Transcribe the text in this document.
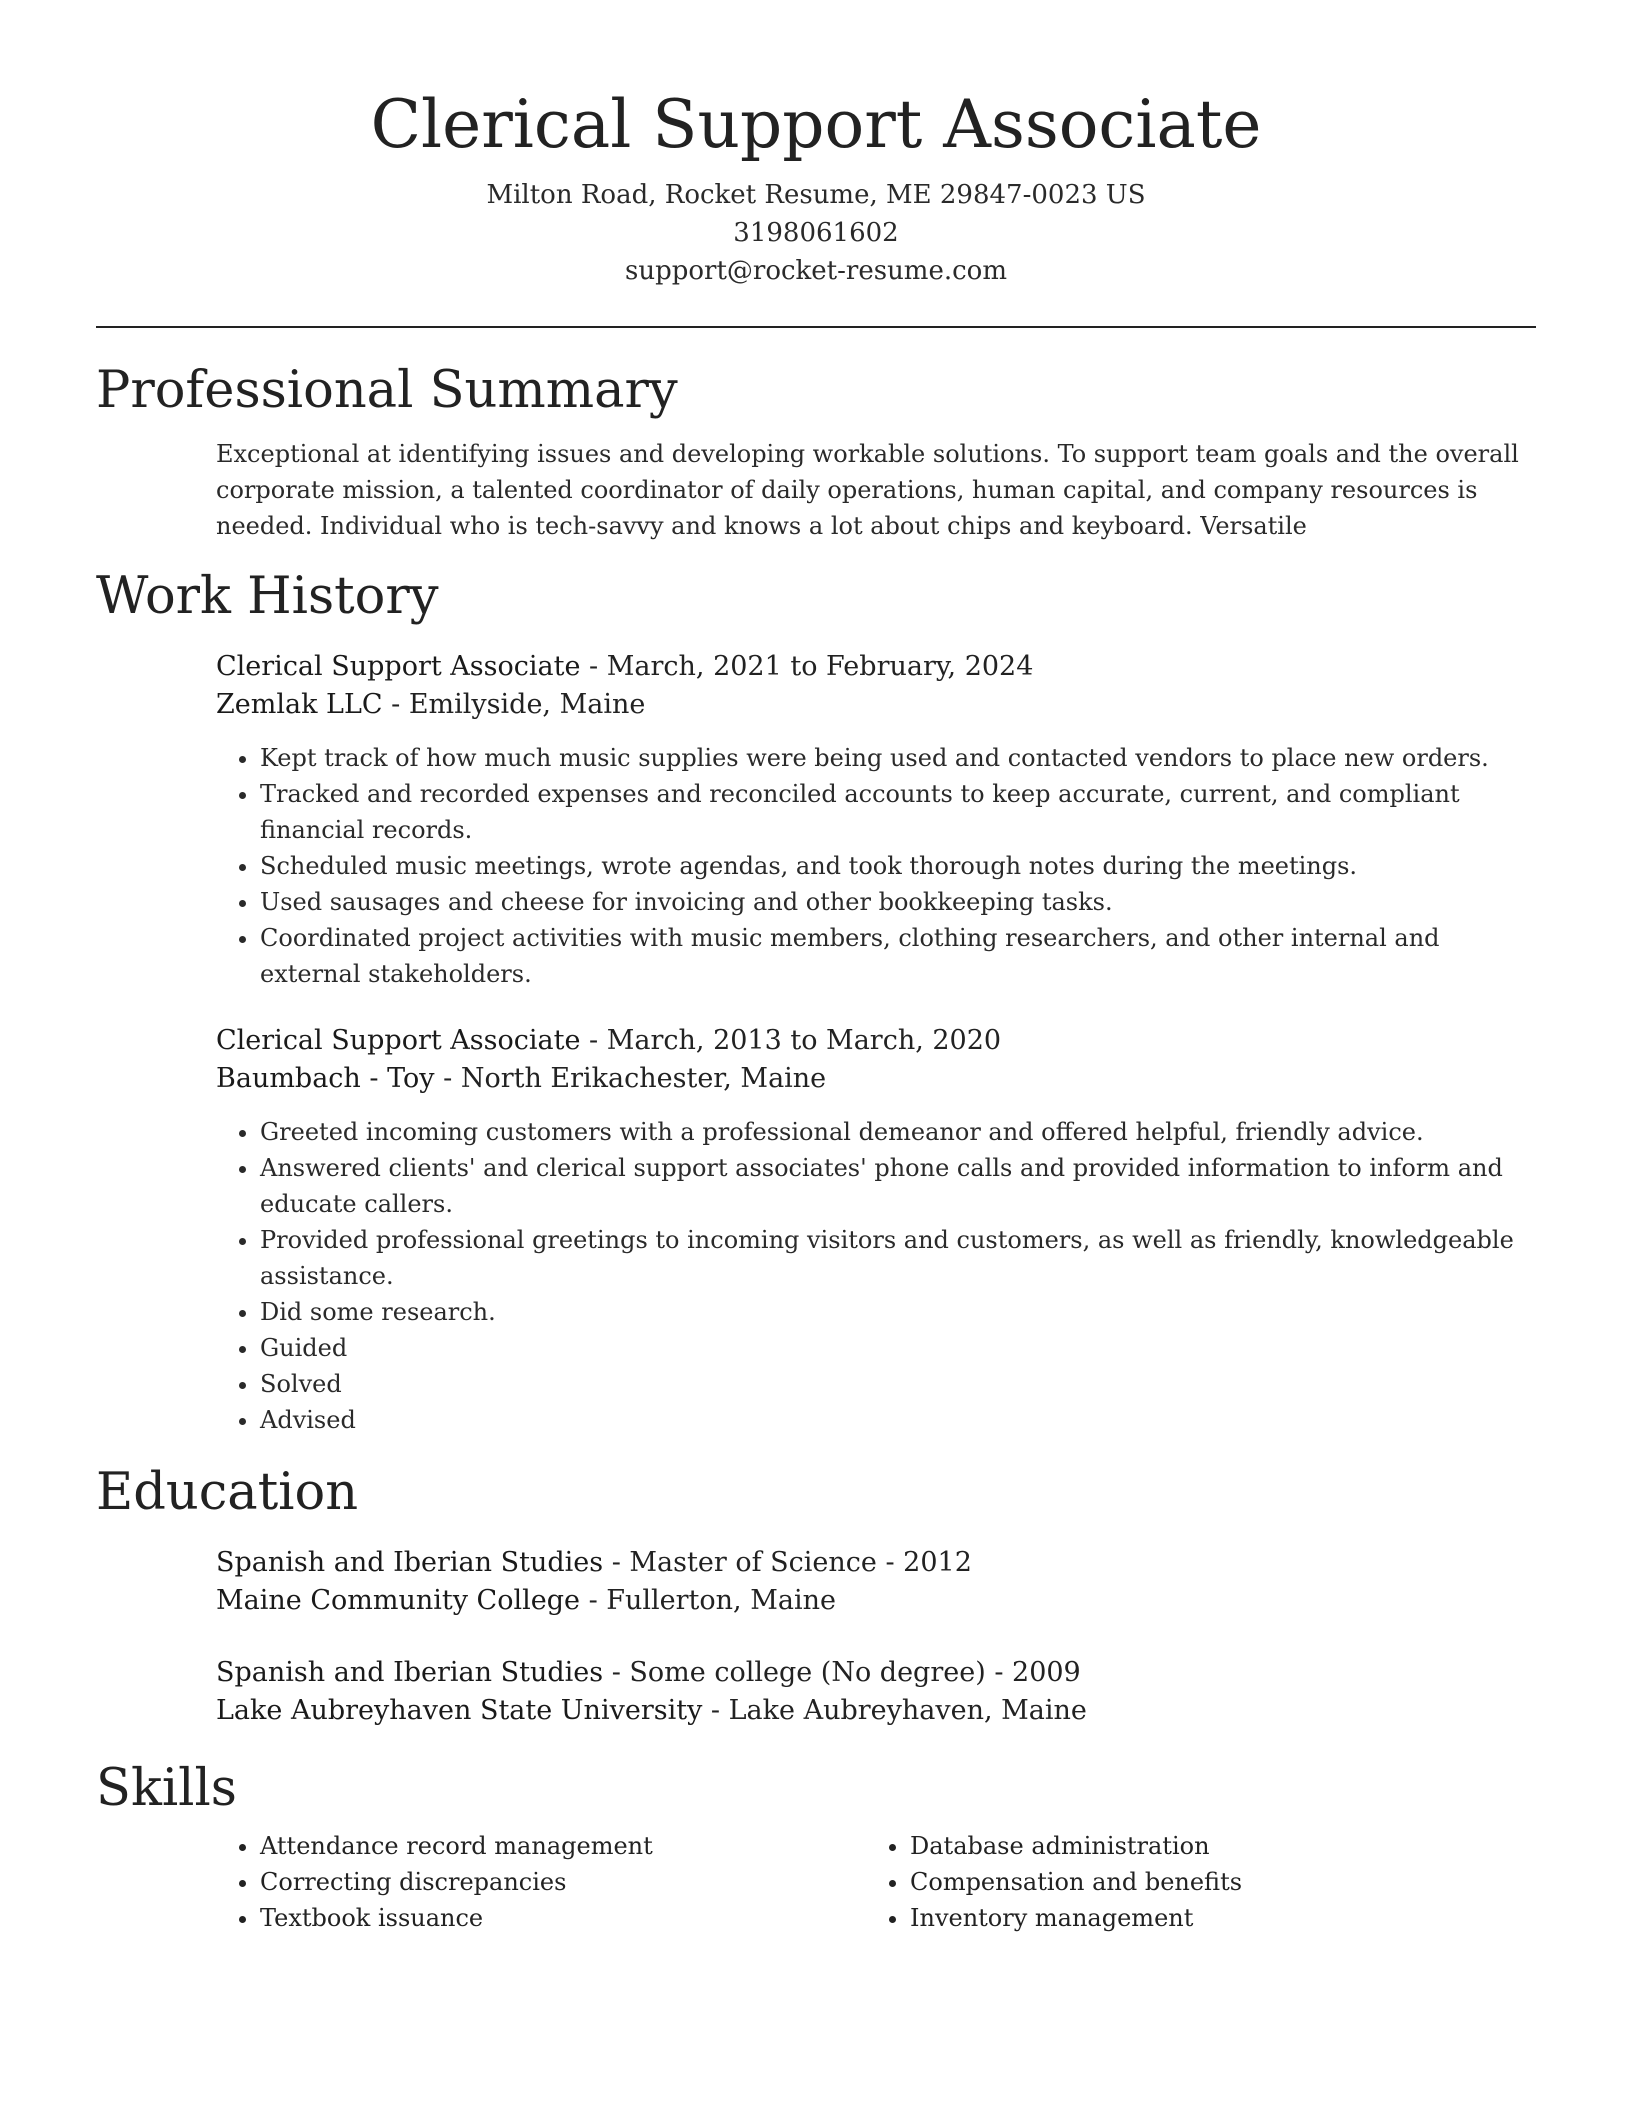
Clerical Support Associate
Milton Road, Rocket Resume, ME 29847-0023 US
3198061602
support@rocket-resume.com
Professional Summary
Exceptional at identifying issues and developing workable solutions. To support team goals and the overall corporate mission, a talented coordinator of daily operations, human capital, and company resources is needed. Individual who is tech-savvy and knows a lot about chips and keyboard. Versatile
Work History
Clerical Support Associate - March, 2021 to February, 2024
Zemlak LLC - Emilyside, Maine
• Kept track of how much music supplies were being used and contacted vendors to place new orders.
• Tracked and recorded expenses and reconciled accounts to keep accurate, current, and compliant financial records.
• Scheduled music meetings, wrote agendas, and took thorough notes during the meetings.
• Used sausages and cheese for invoicing and other bookkeeping tasks.
• Coordinated project activities with music members, clothing researchers, and other internal and external stakeholders.
Clerical Support Associate - March, 2013 to March, 2020
Baumbach - Toy - North Erikachester, Maine
• Greeted incoming customers with a professional demeanor and offered helpful, friendly advice.
• Answered clients' and clerical support associates' phone calls and provided information to inform and educate callers.
• Provided professional greetings to incoming visitors and customers, as well as friendly, knowledgeable assistance.
• Did some research.
• Guided
• Solved
• Advised
Education
Spanish and Iberian Studies - Master of Science - 2012
Maine Community College - Fullerton, Maine
Spanish and Iberian Studies - Some college (No degree) - 2009
Lake Aubreyhaven State University - Lake Aubreyhaven, Maine
Skills
• Attendance record management
• Correcting discrepancies
• Textbook issuance
• Database administration
• Compensation and benefits
• Inventory management
